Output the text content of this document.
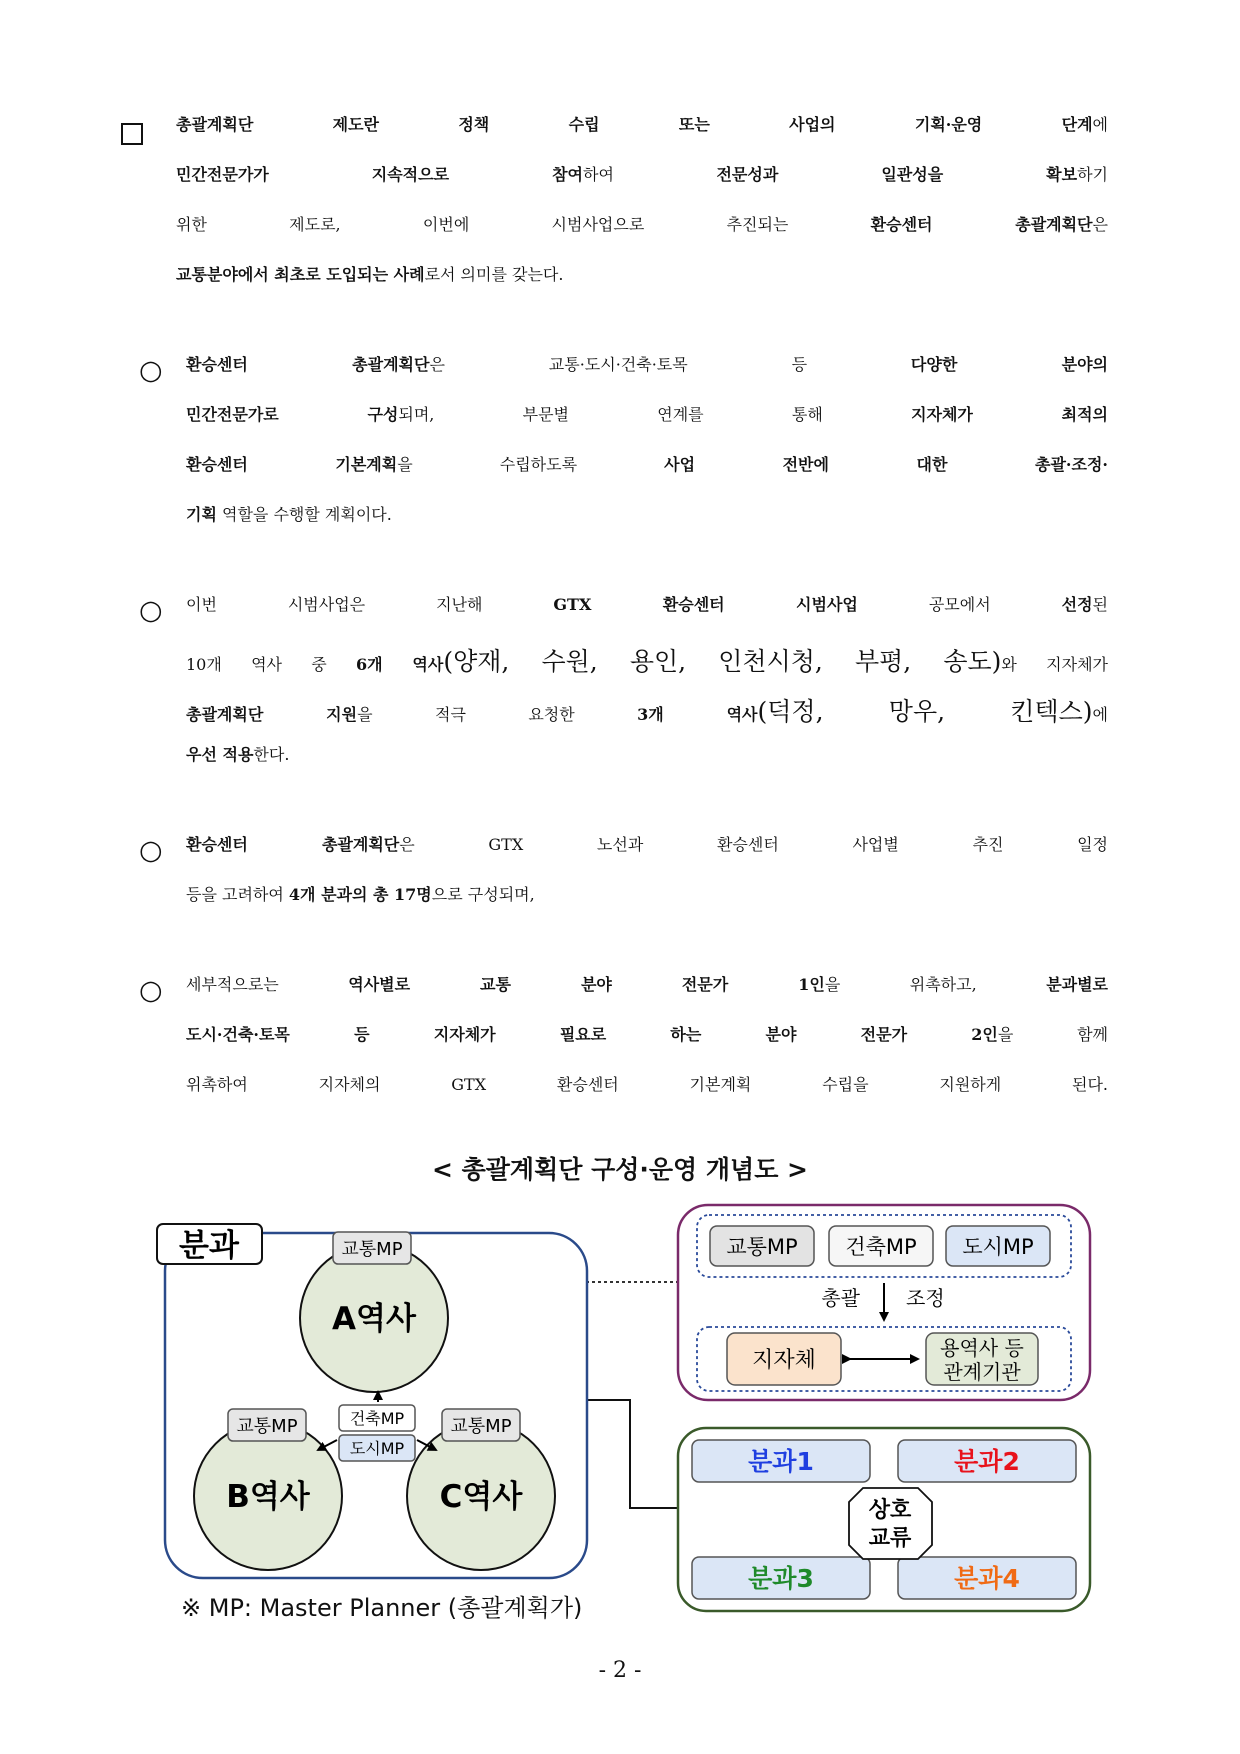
총괄계획단 제도란 정책 수립 또는 사업의 기획·운영 단계에
민간전문가가 지속적으로 참여하여 전문성과 일관성을 확보하기
위한 제도로, 이번에 시범사업으로 추진되는 환승센터 총괄계획단은
교통분야에서 최초로 도입되는 사례로서 의미를 갖는다.
○ 환승센터 총괄계획단은 교통·도시·건축·토목 등 다양한 분야의
민간전문가로 구성되며, 부문별 연계를 통해 지자체가 최적의
환승센터 기본계획을 수립하도록 사업 전반에 대한 총괄·조정·
기획 역할을 수행할 계획이다.
○ 이번 시범사업은 지난해 GTX 환승센터 시범사업 공모에서 선정된
10개 역사 중 6개 역사(양재, 수원, 용인, 인천시청, 부평, 송도)와 지자체가
총괄계획단 지원을 적극 요청한 3개 역사(덕정, 망우, 킨텍스)에
우선 적용한다.
○ 환승센터 총괄계획단은 GTX 노선과 환승센터 사업별 추진 일정
등을 고려하여 4개 분과의 총 17명으로 구성되며,
○ 세부적으로는 역사별로 교통 분야 전문가 1인을 위촉하고, 분과별로
도시·건축·토목 등 지자체가 필요로 하는 분야 전문가 2인을 함께
위촉하여 지자체의 GTX 환승센터 기본계획 수립을 지원하게 된다.
< 총괄계획단 구성·운영 개념도 >
분과
A역사
B역사	C역사
교통MP
교통MP	교통MP
건축MP
도시MP
교통MP 건축MP 도시MP
총괄 조정
지자체	용역사 등
관계기관
분과1	분과2
분과3	분과4
상호
교류
※ MP: Master Planner (총괄계획가)
- 2 -
